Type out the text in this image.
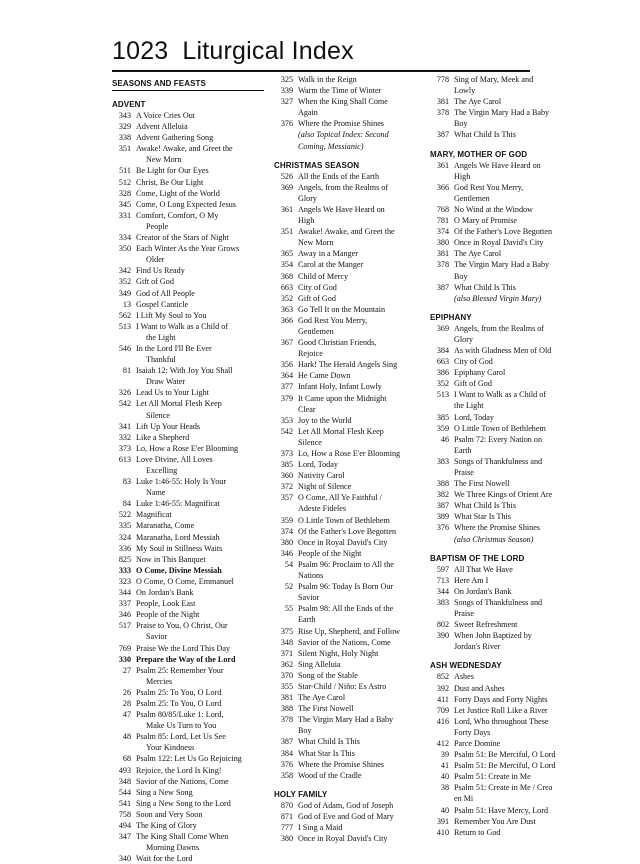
1023 Liturgical Index
SEASONS AND FEASTS
ADVENT
343 A Voice Cries Out
329 Advent Alleluia
338 Advent Gathering Song
351 Awake! Awake, and Greet the
New Morn
511 Be Light for Our Eyes
512 Christ, Be Our Light
328 Come, Light of the World
345 Come, O Long Expected Jesus
331 Comfort, Comfort, O My
People
334 Creator of the Stars of Night
350 Each Winter As the Year Grows
Older
342 Find Us Ready
352 Gift of God
349 God of All People
13 Gospel Canticle
562 I Lift My Soul to You
513 I Want to Walk as a Child of
the Light
546 In the Lord I'll Be Ever
Thankful
81 Isaiah 12: With Joy You Shall
Draw Water
326 Lead Us to Your Light
542 Let All Mortal Flesh Keep
Silence
341 Lift Up Your Heads
332 Like a Shepherd
373 Lo, How a Rose E'er Blooming
613 Love Divine, All Loves
Excelling
83 Luke 1:46-55: Holy Is Your
Name
84 Luke 1:46-55: Magnificat
522 Magnificat
335 Maranatha, Come
324 Maranatha, Lord Messiah
336 My Soul in Stillness Waits
825 Now in This Banquet
333 O Come, Divine Messiah
323 O Come, O Come, Emmanuel
344 On Jordan's Bank
337 People, Look East
346 People of the Night
517 Praise to You, O Christ, Our
Savior
769 Praise We the Lord This Day
330 Prepare the Way of the Lord
27 Psalm 25: Remember Your
Mercies
26 Psalm 25: To You, O Lord
28 Psalm 25: To You, O Lord
47 Psalm 80/85/Luke 1: Lord,
Make Us Turn to You
48 Psalm 85: Lord, Let Us See
Your Kindness
68 Psalm 122: Let Us Go Rejoicing
493 Rejoice, the Lord Is King!
348 Savior of the Nations, Come
544 Sing a New Song
541 Sing a New Song to the Lord
758 Soon and Very Soon
494 The King of Glory
347 The King Shall Come When
Morning Dawns
340 Wait for the Lord
325 Walk in the Reign
339 Warm the Time of Winter
327 When the King Shall Come
Again
376 Where the Promise Shines
(also Topical Index: Second
Coming, Messianic)
CHRISTMAS SEASON
526 All the Ends of the Earth
369 Angels, from the Realms of
Glory
361 Angels We Have Heard on
High
351 Awake! Awake, and Greet the
New Morn
365 Away in a Manger
354 Carol at the Manger
368 Child of Mercy
663 City of God
352 Gift of God
363 Go Tell It on the Mountain
366 God Rest You Merry,
Gentlemen
367 Good Christian Friends,
Rejoice
356 Hark! The Herald Angels Sing
364 He Came Down
377 Infant Holy, Infant Lowly
379 It Came upon the Midnight
Clear
353 Joy to the World
542 Let All Mortal Flesh Keep
Silence
373 Lo, How a Rose E'er Blooming
385 Lord, Today
360 Nativity Carol
372 Night of Silence
357 O Come, All Ye Faithful /
Adeste Fideles
359 O Little Town of Bethlehem
374 Of the Father's Love Begotten
380 Once in Royal David's City
346 People of the Night
54 Psalm 96: Proclaim to All the
Nations
52 Psalm 96: Today Is Born Our
Savior
55 Psalm 98: All the Ends of the
Earth
375 Rise Up, Shepherd, and Follow
348 Savior of the Nations, Come
371 Silent Night, Holy Night
362 Sing Alleluia
370 Song of the Stable
355 Star-Child / Niño: Es Astro
381 The Aye Carol
388 The First Nowell
378 The Virgin Mary Had a Baby
Boy
387 What Child Is This
384 What Star Is This
376 Where the Promise Shines
358 Wood of the Cradle
HOLY FAMILY
870 God of Adam, God of Joseph
871 God of Eve and God of Mary
777 I Sing a Maid
380 Once in Royal David's City
778 Sing of Mary, Meek and
Lowly
381 The Aye Carol
378 The Virgin Mary Had a Baby
Boy
387 What Child Is This
MARY, MOTHER OF GOD
361 Angels We Have Heard on
High
366 God Rest You Merry,
Gentlemen
768 No Wind at the Window
781 O Mary of Promise
374 Of the Father's Love Begotten
380 Once in Royal David's City
381 The Aye Carol
378 The Virgin Mary Had a Baby
Boy
387 What Child Is This
(also Blessed Virgin Mary)
EPIPHANY
369 Angels, from the Realms of
Glory
384 As with Gladness Men of Old
663 City of God
386 Epiphany Carol
352 Gift of God
513 I Want to Walk as a Child of
the Light
385 Lord, Today
359 O Little Town of Bethlehem
46 Psalm 72: Every Nation on
Earth
383 Songs of Thankfulness and
Praise
388 The First Nowell
382 We Three Kings of Orient Are
387 What Child Is This
389 What Star Is This
376 Where the Promise Shines
(also Christmas Season)
BAPTISM OF THE LORD
597 All That We Have
713 Here Am I
344 On Jordan's Bank
383 Songs of Thankfulness and
Praise
802 Sweet Refreshment
390 When John Baptized by
Jordan's River
ASH WEDNESDAY
852 Ashes
392 Dust and Ashes
411 Forty Days and Forty Nights
709 Let Justice Roll Like a River
416 Lord, Who throughout These
Forty Days
412 Parce Domine
39 Psalm 51: Be Merciful, O Lord
41 Psalm 51: Be Merciful, O Lord
40 Psalm 51: Create in Me
38 Psalm 51: Create in Me / Crea
en Mi
40 Psalm 51: Have Mercy, Lord
391 Remember You Are Dust
410 Return to God
